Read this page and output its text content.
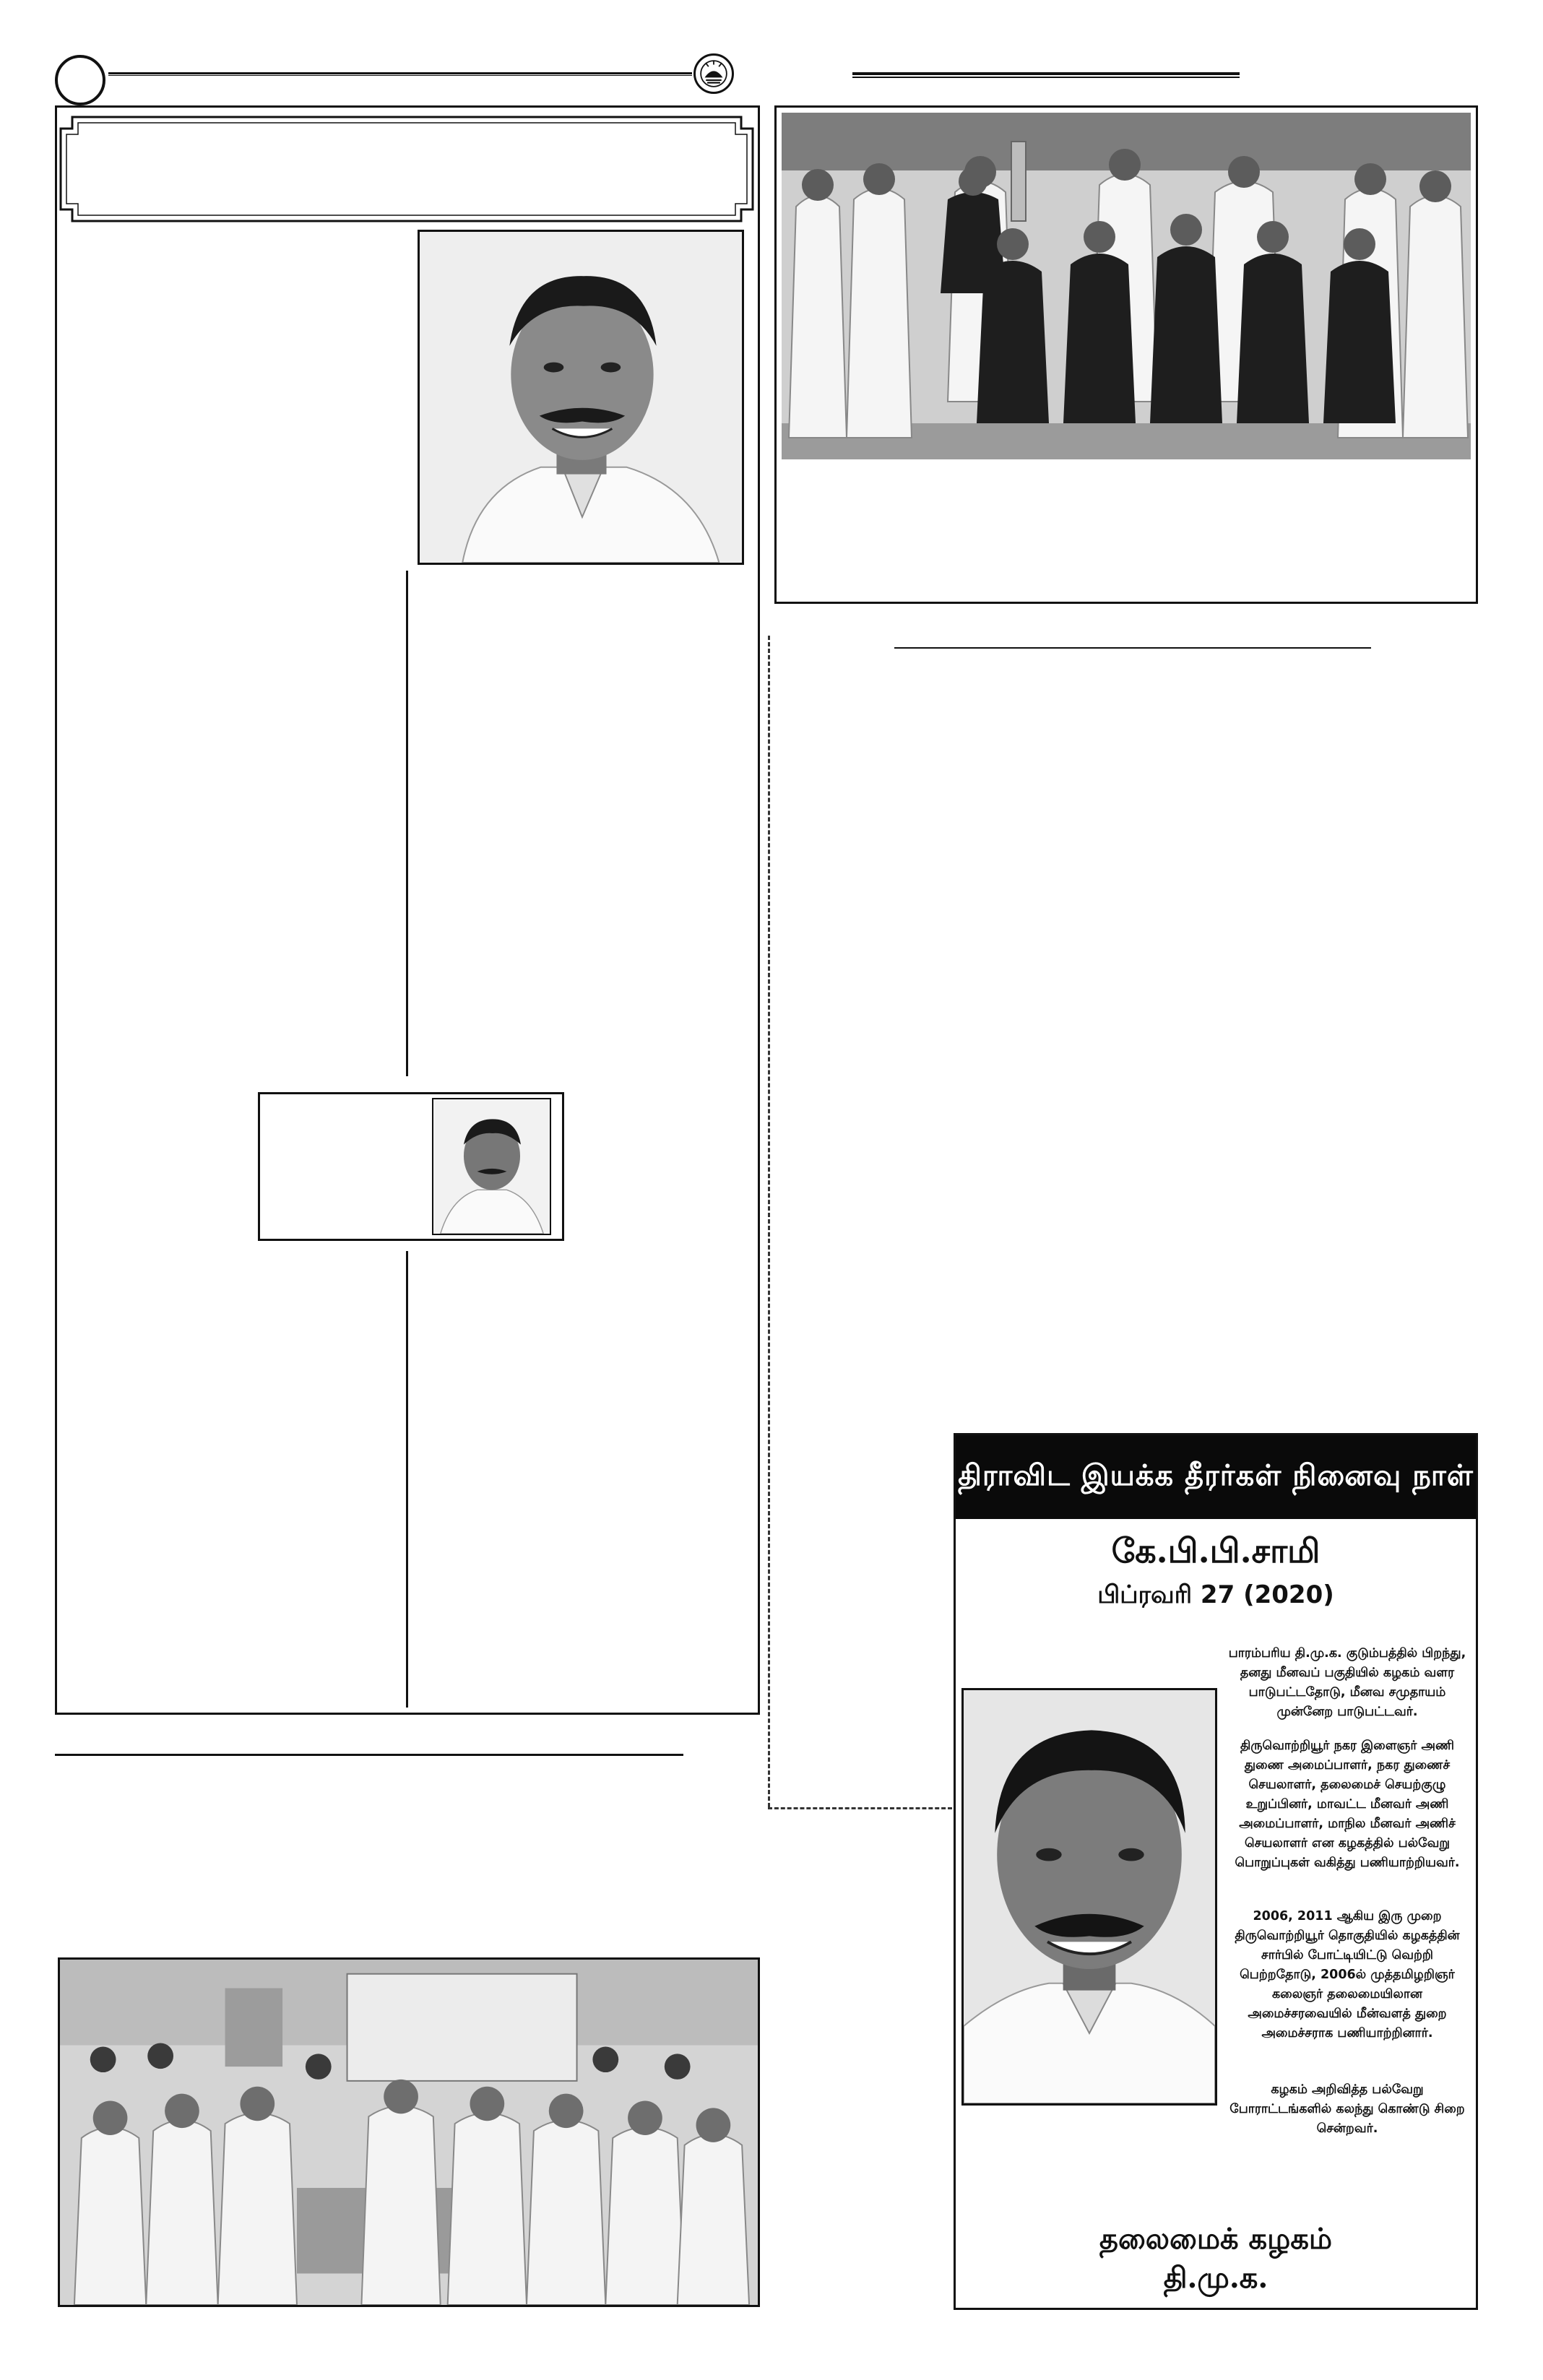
திராவிட இயக்க தீரர்கள் நினைவு நாள்
கே.பி.பி.சாமி
பிப்ரவரி 27 (2020)

பாரம்பரிய தி.மு.க. குடும்பத்தில் பிறந்து, தனது மீனவப் பகுதியில் கழகம் வளர பாடுபட்டதோடு, மீனவ சமுதாயம் முன்னேற பாடுபட்டவர்.

திருவொற்றியூர் நகர இளைஞர் அணி துணை அமைப்பாளர், நகர துணைச் செயலாளர், தலைமைச் செயற்குழு உறுப்பினர், மாவட்ட மீனவர் அணி அமைப்பாளர், மாநில மீனவர் அணிச் செயலாளர் என கழகத்தில் பல்வேறு பொறுப்புகள் வகித்து பணியாற்றியவர்.

2006, 2011 ஆகிய இரு முறை திருவொற்றியூர் தொகுதியில் கழகத்தின் சார்பில் போட்டியிட்டு வெற்றி பெற்றதோடு, 2006ல் முத்தமிழறிஞர் கலைஞர் தலைமையிலான அமைச்சரவையில் மீன்வளத் துறை அமைச்சராக பணியாற்றினார்.

கழகம் அறிவித்த பல்வேறு போராட்டங்களில் கலந்து கொண்டு சிறை சென்றவர்.

தலைமைக் கழகம்
தி.மு.க.
